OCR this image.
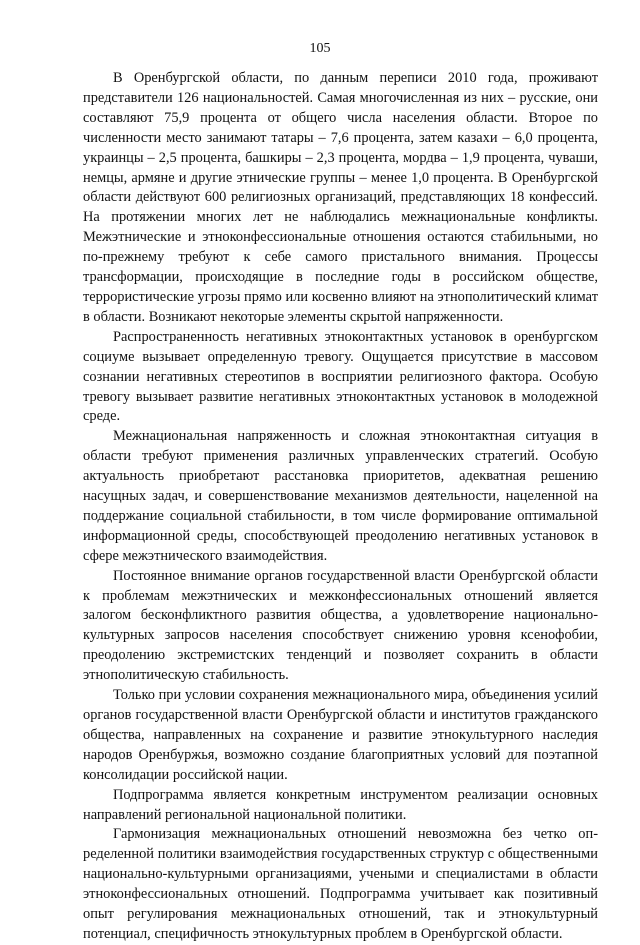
105

В Оренбургской области, по данным переписи 2010 года, проживают представители 126 национальностей. Самая многочисленная из них – русские, они составляют 75,9 процента от общего числа населения области. Второе по численности место занимают татары – 7,6 процента, затем казахи – 6,0 процента, украинцы – 2,5 процента, башкиры – 2,3 процента, мордва – 1,9 процента, чуваши, немцы, армяне и другие этнические группы – менее 1,0 процента. В Оренбургской области действуют 600 религиозных организаций, представляющих 18 конфессий. На протяжении многих лет не наблюдались межнациональные конфликты. Межэтнические и этноконфессиональные отношения остаются стабильными, но по-прежнему требуют к себе самого пристального внимания. Процессы трансформации, происходящие в последние годы в российском обществе, террористические угрозы прямо или косвенно влияют на этнополитический климат в области. Возникают некоторые элементы скрытой напряженности.

Распространенность негативных этноконтактных установок в оренбургском социуме вызывает определенную тревогу. Ощущается присутствие в массовом сознании негативных стереотипов в восприятии религиозного фактора. Особую тревогу вызывает развитие негативных этноконтактных установок в молодежной среде.

Межнациональная напряженность и сложная этноконтактная ситуация в области требуют применения различных управленческих стратегий. Особую актуальность приобретают расстановка приоритетов, адекватная решению насущных задач, и совершенствование механизмов деятельности, нацеленной на поддержание социальной стабильности, в том числе формирование оптимальной информационной среды, способствующей преодолению негативных установок в сфере межэтнического взаимодействия.

Постоянное внимание органов государственной власти Оренбургской области к проблемам межэтнических и межконфессиональных отношений является залогом бесконфликтного развития общества, а удовлетворение национально-культурных запросов населения способствует снижению уровня ксенофобии, преодолению экстремистских тенденций и позволяет сохранить в области этнополитическую стабильность.

Только при условии сохранения межнационального мира, объединения усилий органов государственной власти Оренбургской области и институтов гражданского общества, направленных на сохранение и развитие этнокультурного наследия народов Оренбуржья, возможно создание благоприятных условий для поэтапной консолидации российской нации.

Подпрограмма является конкретным инструментом реализации основных направлений региональной национальной политики.

Гармонизация межнациональных отношений невозможна без четко определенной политики взаимодействия государственных структур с общественными национально-культурными организациями, учеными и специалистами в области этноконфессиональных отношений. Подпрограмма учитывает как позитивный опыт регулирования межнациональных отношений, так и этнокультурный потенциал, специфичность этнокультурных проблем в Оренбургской области.
